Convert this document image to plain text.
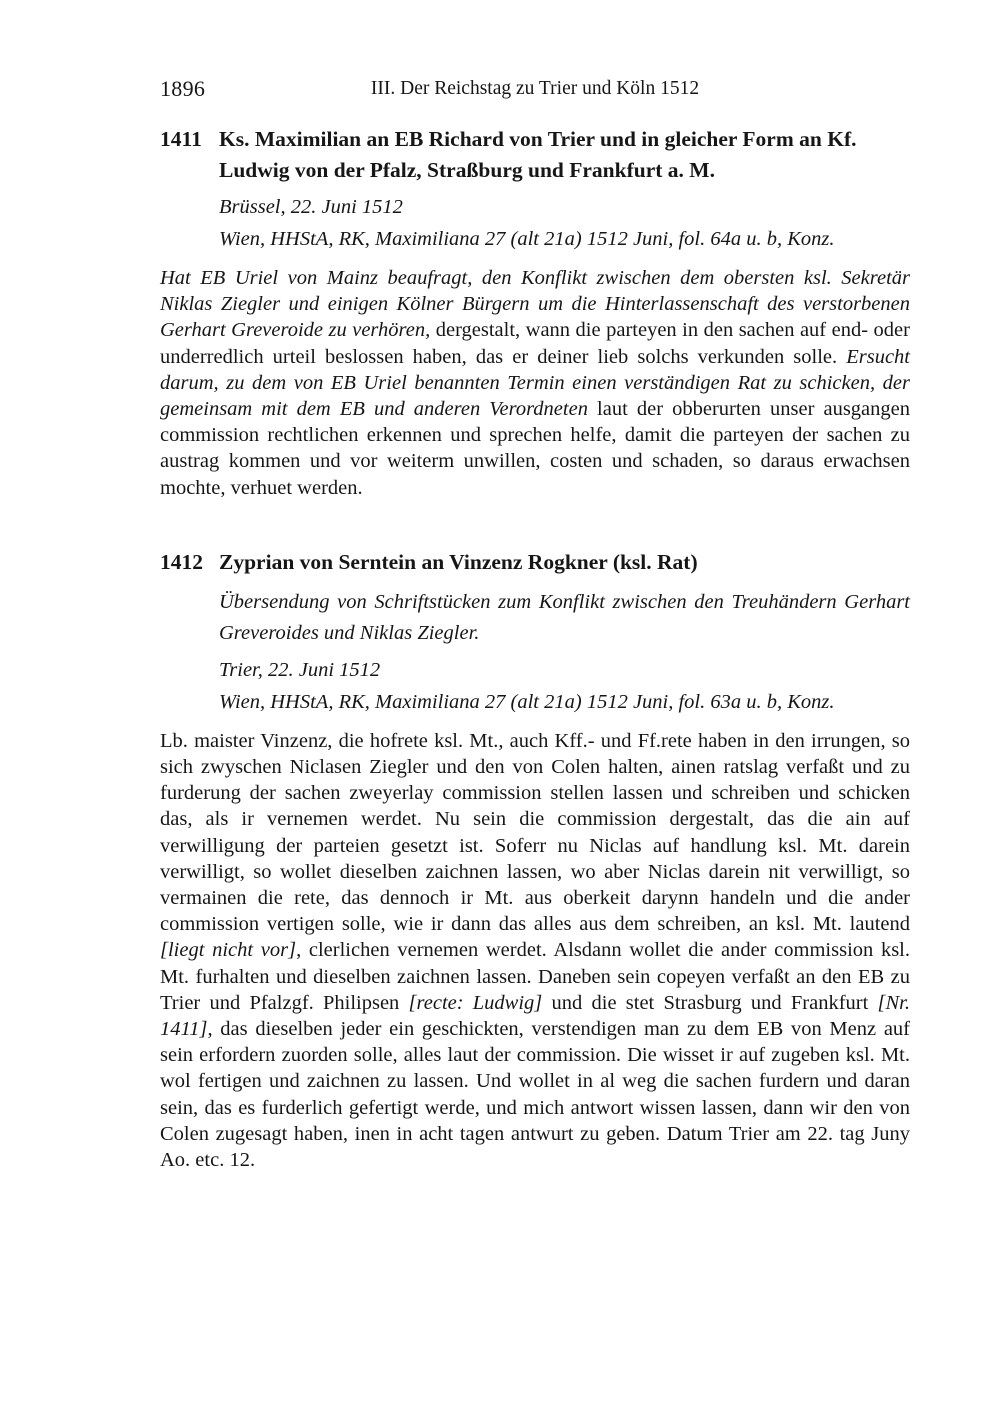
1896	III. Der Reichstag zu Trier und Köln 1512
1411 Ks. Maximilian an EB Richard von Trier und in gleicher Form an Kf. Ludwig von der Pfalz, Straßburg und Frankfurt a. M.

Brüssel, 22. Juni 1512

Wien, HHStA, RK, Maximiliana 27 (alt 21a) 1512 Juni, fol. 64a u. b, Konz.

Hat EB Uriel von Mainz beaufragt, den Konflikt zwischen dem obersten ksl. Sekretär Niklas Ziegler und einigen Kölner Bürgern um die Hinterlassenschaft des verstorbenen Gerhart Greveroide zu verhören, dergestalt, wann die parteyen in den sachen auf end- oder underredlich urteil beslossen haben, das er deiner lieb solchs verkunden solle. Ersucht darum, zu dem von EB Uriel benannten Termin einen verständigen Rat zu schicken, der gemeinsam mit dem EB und anderen Verordneten laut der obberurten unser ausgangen commission rechtlichen erkennen und sprechen helfe, damit die parteyen der sachen zu austrag kommen und vor weiterm unwillen, costen und schaden, so daraus erwachsen mochte, verhuet werden.

1412 Zyprian von Serntein an Vinzenz Rogkner (ksl. Rat)

Übersendung von Schriftstücken zum Konflikt zwischen den Treuhändern Gerhart Greveroides und Niklas Ziegler.

Trier, 22. Juni 1512

Wien, HHStA, RK, Maximiliana 27 (alt 21a) 1512 Juni, fol. 63a u. b, Konz.

Lb. maister Vinzenz, die hofrete ksl. Mt., auch Kff.- und Ff.rete haben in den irrungen, so sich zwyschen Niclasen Ziegler und den von Colen halten, ainen ratslag verfaßt und zu furderung der sachen zweyerlay commission stellen lassen und schreiben und schicken das, als ir vernemen werdet. Nu sein die commission dergestalt, das die ain auf verwilligung der parteien gesetzt ist. Soferr nu Niclas auf handlung ksl. Mt. darein verwilligt, so wollet dieselben zaichnen lassen, wo aber Niclas darein nit verwilligt, so vermainen die rete, das dennoch ir Mt. aus oberkeit darynn handeln und die ander commission vertigen solle, wie ir dann das alles aus dem schreiben, an ksl. Mt. lautend [liegt nicht vor], clerlichen vernemen werdet. Alsdann wollet die ander commission ksl. Mt. furhalten und dieselben zaichnen lassen. Daneben sein copeyen verfaßt an den EB zu Trier und Pfalzgf. Philipsen [recte: Ludwig] und die stet Strasburg und Frankfurt [Nr. 1411], das dieselben jeder ein geschickten, verstendigen man zu dem EB von Menz auf sein erfordern zuorden solle, alles laut der commission. Die wisset ir auf zugeben ksl. Mt. wol fertigen und zaichnen zu lassen. Und wollet in al weg die sachen furdern und daran sein, das es furderlich gefertigt werde, und mich antwort wissen lassen, dann wir den von Colen zugesagt haben, inen in acht tagen antwurt zu geben. Datum Trier am 22. tag Juny Ao. etc. 12.
